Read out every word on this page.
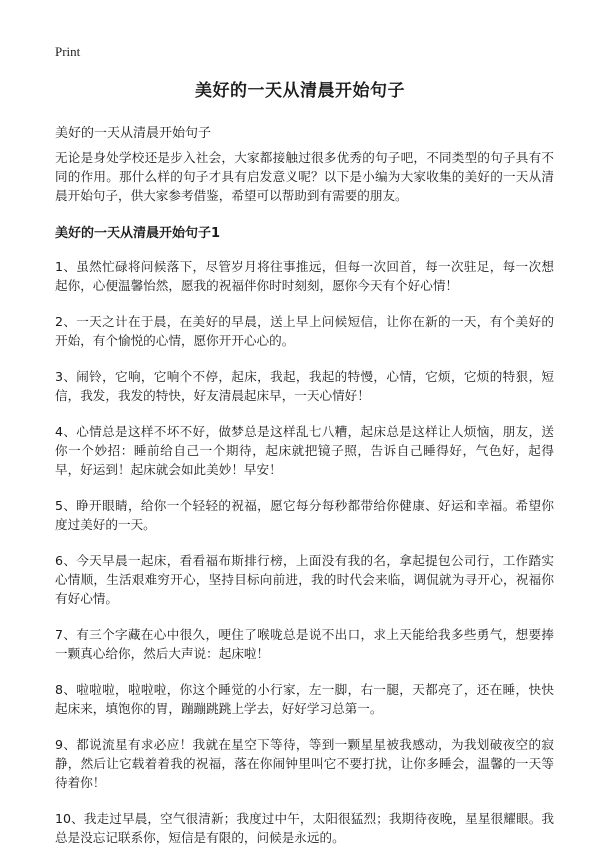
Print
美好的一天从清晨开始句子

美好的一天从清晨开始句子

无论是身处学校还是步入社会，大家都接触过很多优秀的句子吧，不同类型的句子具有不同的作用。那什么样的句子才具有启发意义呢？以下是小编为大家收集的美好的一天从清晨开始句子，供大家参考借鉴，希望可以帮助到有需要的朋友。

美好的一天从清晨开始句子1

1、虽然忙碌将问候落下，尽管岁月将往事推远，但每一次回首，每一次驻足，每一次想起你，心便温馨怡然，愿我的祝福伴你时时刻刻，愿你今天有个好心情！

2、一天之计在于晨，在美好的早晨，送上早上问候短信，让你在新的一天，有个美好的开始，有个愉悦的心情，愿你开开心心的。

3、闹铃，它响，它响个不停，起床，我起，我起的特慢，心情，它烦，它烦的特狠，短信，我发，我发的特快，好友清晨起床早，一天心情好！

4、心情总是这样不坏不好，做梦总是这样乱七八糟，起床总是这样让人烦恼，朋友，送你一个妙招：睡前给自己一个期待，起床就把镜子照，告诉自己睡得好，气色好，起得早，好运到！起床就会如此美妙！早安！

5、睁开眼睛，给你一个轻轻的祝福，愿它每分每秒都带给你健康、好运和幸福。希望你度过美好的一天。

6、今天早晨一起床，看看福布斯排行榜，上面没有我的名，拿起提包公司行，工作踏实心情顺，生活艰难穷开心，坚持目标向前进，我的时代会来临，调侃就为寻开心，祝福你有好心情。

7、有三个字藏在心中很久，哽住了喉咙总是说不出口，求上天能给我多些勇气，想要捧一颗真心给你，然后大声说：起床啦！

8、啦啦啦，啦啦啦，你这个睡觉的小行家，左一脚，右一腿，天都亮了，还在睡，快快起床来，填饱你的胃，蹦蹦跳跳上学去，好好学习总第一。

9、都说流星有求必应！我就在星空下等待，等到一颗星星被我感动，为我划破夜空的寂静，然后让它载着着我的祝福，落在你闹钟里叫它不要打扰，让你多睡会，温馨的一天等待着你！

10、我走过早晨，空气很清新；我度过中午，太阳很猛烈；我期待夜晚，星星很耀眼。我总是没忘记联系你，短信是有限的，问候是永远的。
